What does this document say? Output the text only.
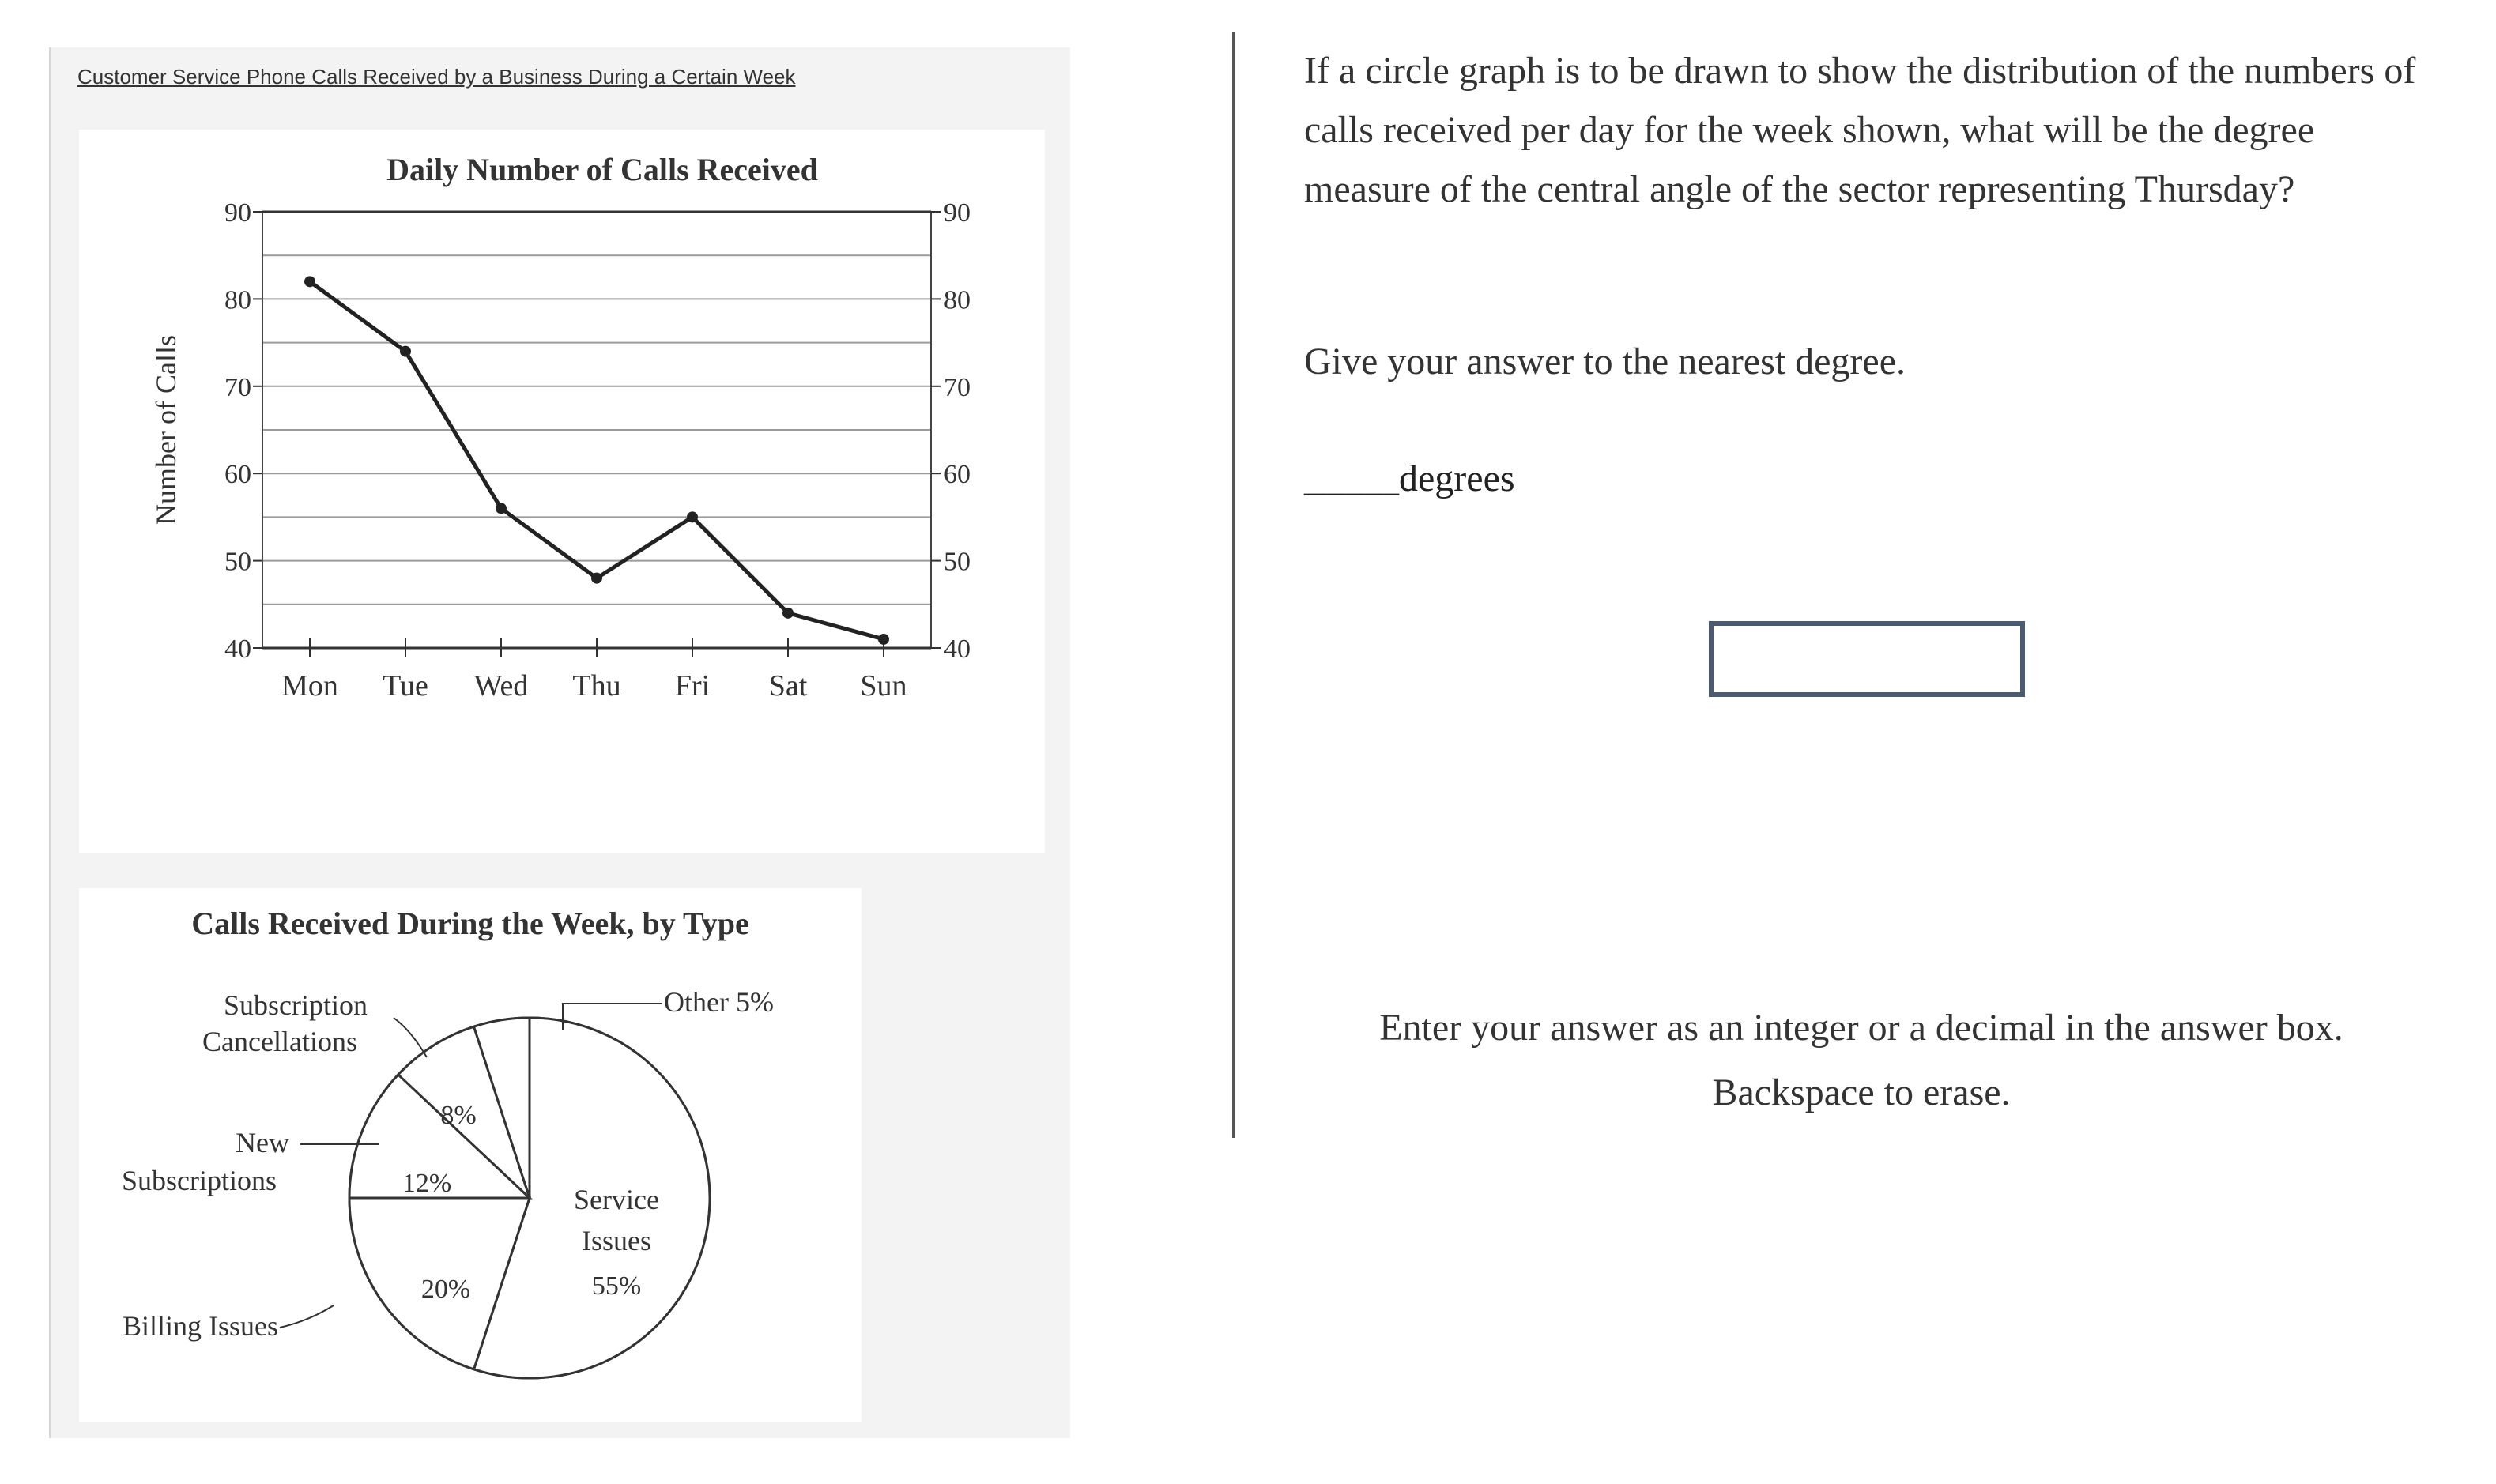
Customer Service Phone Calls Received by a Business During a Certain Week
Daily Number of Calls Received
Number of Calls
40	40
50	50
60	60
70	70
80	80
90	90
Mon Tue Wed Thu Fri Sat Sun
Calls Received During the Week, by Type
55%
20%
12%
8%
Service
Issues
Billing Issues
New
Subscriptions
Subscription
Cancellations
Other 5%

If a circle graph is to be drawn to show the distribution of the numbers of calls received per day for the week shown, what will be the degree measure of the central angle of the sector representing Thursday?

Give your answer to the nearest degree.

_____degrees
Enter your answer as an integer or a decimal in the answer box.
Backspace to erase.
